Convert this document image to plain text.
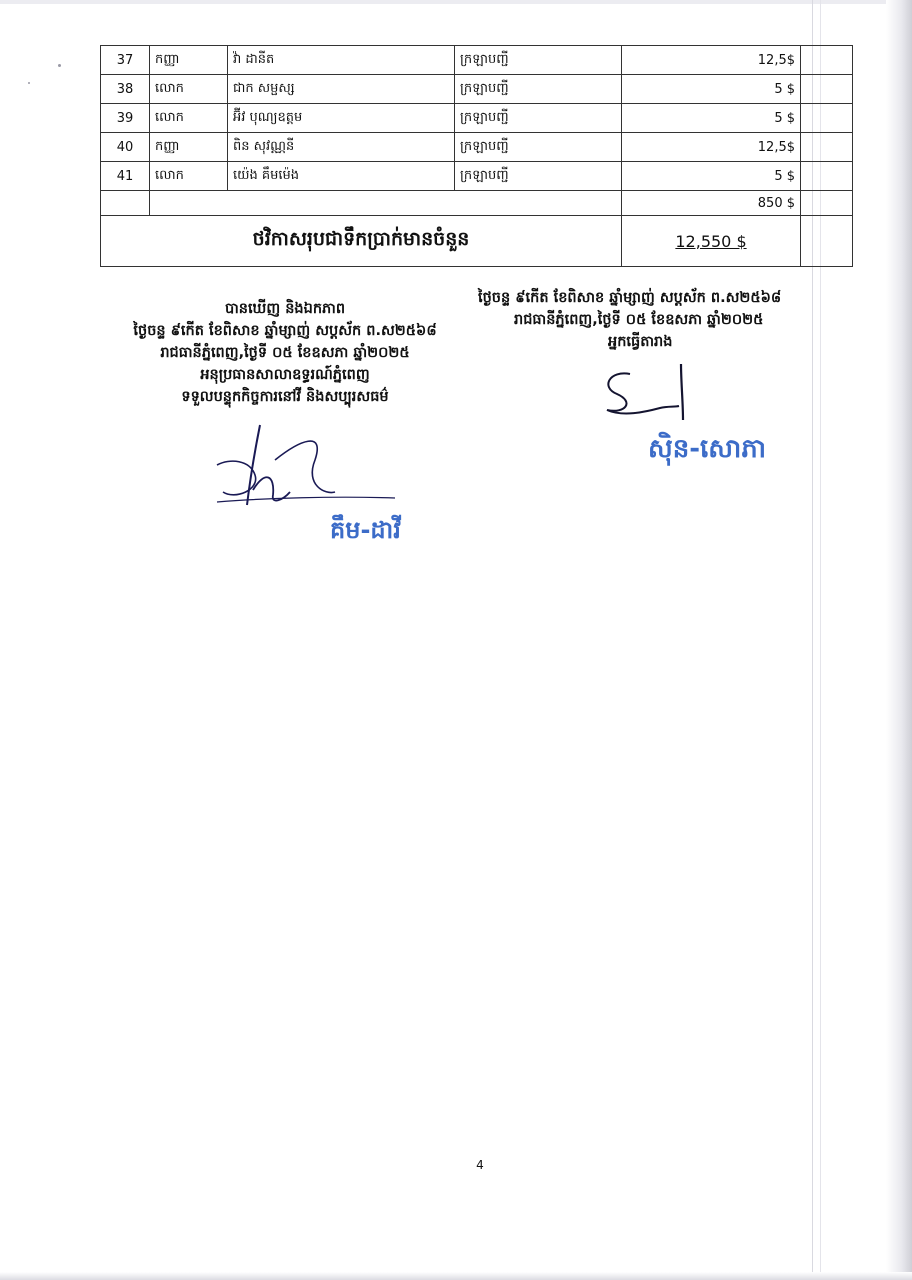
37	កញ្ញា	វ៉ា ដានីត	ក្រឡាបញ្ជី	12,5$	
38	លោក	ជាក សម្ផស្ស	ក្រឡាបញ្ជី	5 $	
39	លោក	អ៊ីវ បុណ្យឧត្តម	ក្រឡាបញ្ជី	5 $	
40	កញ្ញា	ពិន សុវណ្ណនី	ក្រឡាបញ្ជី	12,5$	
41	លោក	យ៉េង គឹមម៉េង	ក្រឡាបញ្ជី	5 $	
				850 $	
ថវិកាសរុបជាទឹកប្រាក់មានចំនួន				12,550 $	
បានឃើញ និងឯកភាព
ថ្ងៃចន្ទ ៩កើត ខែពិសាខ ឆ្នាំម្សាញ់ សប្តស័ក ព.ស២៥៦៨
រាជធានីភ្នំពេញ,ថ្ងៃទី ០៥ ខែឧសភា ឆ្នាំ២០២៥
អនុប្រធានសាលាឧទ្ធរណ៍ភ្នំពេញ
ទទួលបន្ទុកកិច្ចការនៅវី និងសប្បុរសធម៌
គឹម-ដាវី
ថ្ងៃចន្ទ ៩កើត ខែពិសាខ ឆ្នាំម្សាញ់ សប្តស័ក ព.ស២៥៦៨
រាជធានីភ្នំពេញ,ថ្ងៃទី ០៥ ខែឧសភា ឆ្នាំ២០២៥
អ្នកធ្វើតារាង
ស៊ិន-សោភា
4
